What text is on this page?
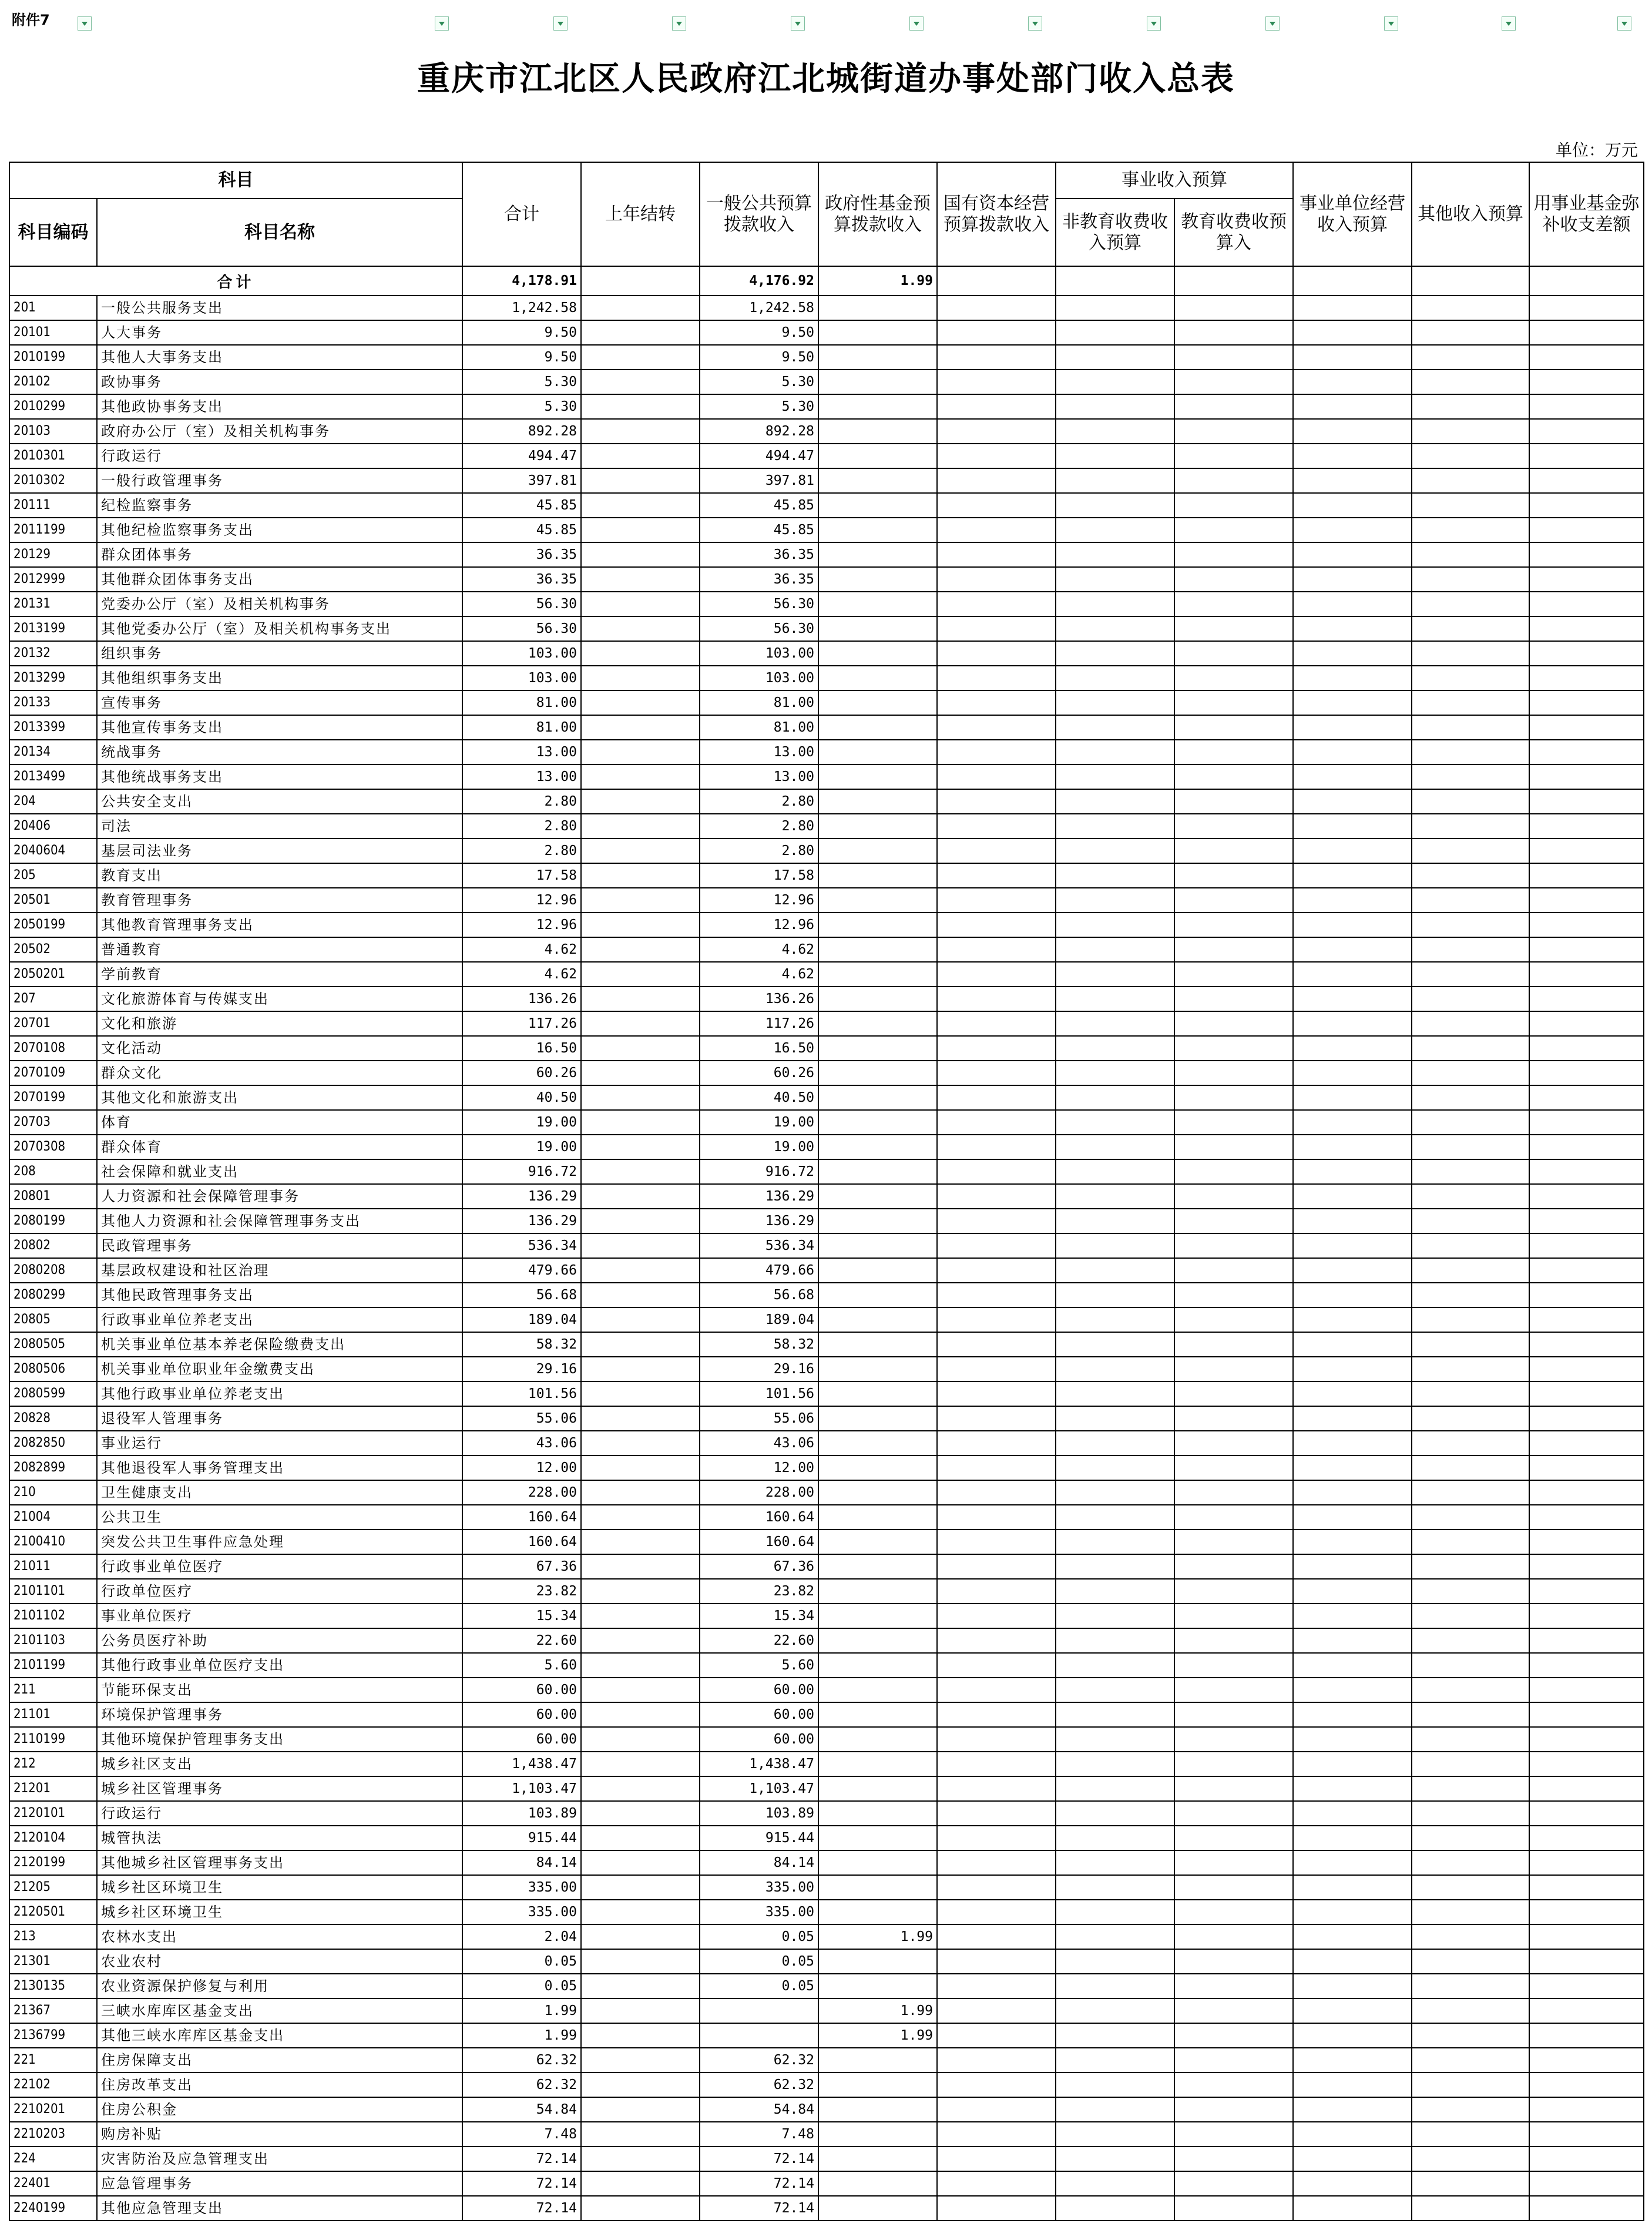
附件7
重庆市江北区人民政府江北城街道办事处部门收入总表
单位：万元
科目		合计	上年结转	一般公共预算拨款收入	政府性基金预算拨款收入	国有资本经营预算拨款收入	事业收入预算		事业单位经营收入预算	其他收入预算	用事业基金弥补收支差额
科目编码	科目名称						非教育收费收入预算	教育收费收预算入			
合计		4,178.91		4,176.92	1.99						
201	一般公共服务支出	1,242.58		1,242.58							
20101	人大事务	9.50		9.50							
2010199	其他人大事务支出	9.50		9.50							
20102	政协事务	5.30		5.30							
2010299	其他政协事务支出	5.30		5.30							
20103	政府办公厅（室）及相关机构事务	892.28		892.28							
2010301	行政运行	494.47		494.47							
2010302	一般行政管理事务	397.81		397.81							
20111	纪检监察事务	45.85		45.85							
2011199	其他纪检监察事务支出	45.85		45.85							
20129	群众团体事务	36.35		36.35							
2012999	其他群众团体事务支出	36.35		36.35							
20131	党委办公厅（室）及相关机构事务	56.30		56.30							
2013199	其他党委办公厅（室）及相关机构事务支出	56.30		56.30							
20132	组织事务	103.00		103.00							
2013299	其他组织事务支出	103.00		103.00							
20133	宣传事务	81.00		81.00							
2013399	其他宣传事务支出	81.00		81.00							
20134	统战事务	13.00		13.00							
2013499	其他统战事务支出	13.00		13.00							
204	公共安全支出	2.80		2.80							
20406	司法	2.80		2.80							
2040604	基层司法业务	2.80		2.80							
205	教育支出	17.58		17.58							
20501	教育管理事务	12.96		12.96							
2050199	其他教育管理事务支出	12.96		12.96							
20502	普通教育	4.62		4.62							
2050201	学前教育	4.62		4.62							
207	文化旅游体育与传媒支出	136.26		136.26							
20701	文化和旅游	117.26		117.26							
2070108	文化活动	16.50		16.50							
2070109	群众文化	60.26		60.26							
2070199	其他文化和旅游支出	40.50		40.50							
20703	体育	19.00		19.00							
2070308	群众体育	19.00		19.00							
208	社会保障和就业支出	916.72		916.72							
20801	人力资源和社会保障管理事务	136.29		136.29							
2080199	其他人力资源和社会保障管理事务支出	136.29		136.29							
20802	民政管理事务	536.34		536.34							
2080208	基层政权建设和社区治理	479.66		479.66							
2080299	其他民政管理事务支出	56.68		56.68							
20805	行政事业单位养老支出	189.04		189.04							
2080505	机关事业单位基本养老保险缴费支出	58.32		58.32							
2080506	机关事业单位职业年金缴费支出	29.16		29.16							
2080599	其他行政事业单位养老支出	101.56		101.56							
20828	退役军人管理事务	55.06		55.06							
2082850	事业运行	43.06		43.06							
2082899	其他退役军人事务管理支出	12.00		12.00							
210	卫生健康支出	228.00		228.00							
21004	公共卫生	160.64		160.64							
2100410	突发公共卫生事件应急处理	160.64		160.64							
21011	行政事业单位医疗	67.36		67.36							
2101101	行政单位医疗	23.82		23.82							
2101102	事业单位医疗	15.34		15.34							
2101103	公务员医疗补助	22.60		22.60							
2101199	其他行政事业单位医疗支出	5.60		5.60							
211	节能环保支出	60.00		60.00							
21101	环境保护管理事务	60.00		60.00							
2110199	其他环境保护管理事务支出	60.00		60.00							
212	城乡社区支出	1,438.47		1,438.47							
21201	城乡社区管理事务	1,103.47		1,103.47							
2120101	行政运行	103.89		103.89							
2120104	城管执法	915.44		915.44							
2120199	其他城乡社区管理事务支出	84.14		84.14							
21205	城乡社区环境卫生	335.00		335.00							
2120501	城乡社区环境卫生	335.00		335.00							
213	农林水支出	2.04		0.05	1.99						
21301	农业农村	0.05		0.05							
2130135	农业资源保护修复与利用	0.05		0.05							
21367	三峡水库库区基金支出	1.99			1.99						
2136799	其他三峡水库库区基金支出	1.99			1.99						
221	住房保障支出	62.32		62.32							
22102	住房改革支出	62.32		62.32							
2210201	住房公积金	54.84		54.84							
2210203	购房补贴	7.48		7.48							
224	灾害防治及应急管理支出	72.14		72.14							
22401	应急管理事务	72.14		72.14							
2240199	其他应急管理支出	72.14		72.14							
